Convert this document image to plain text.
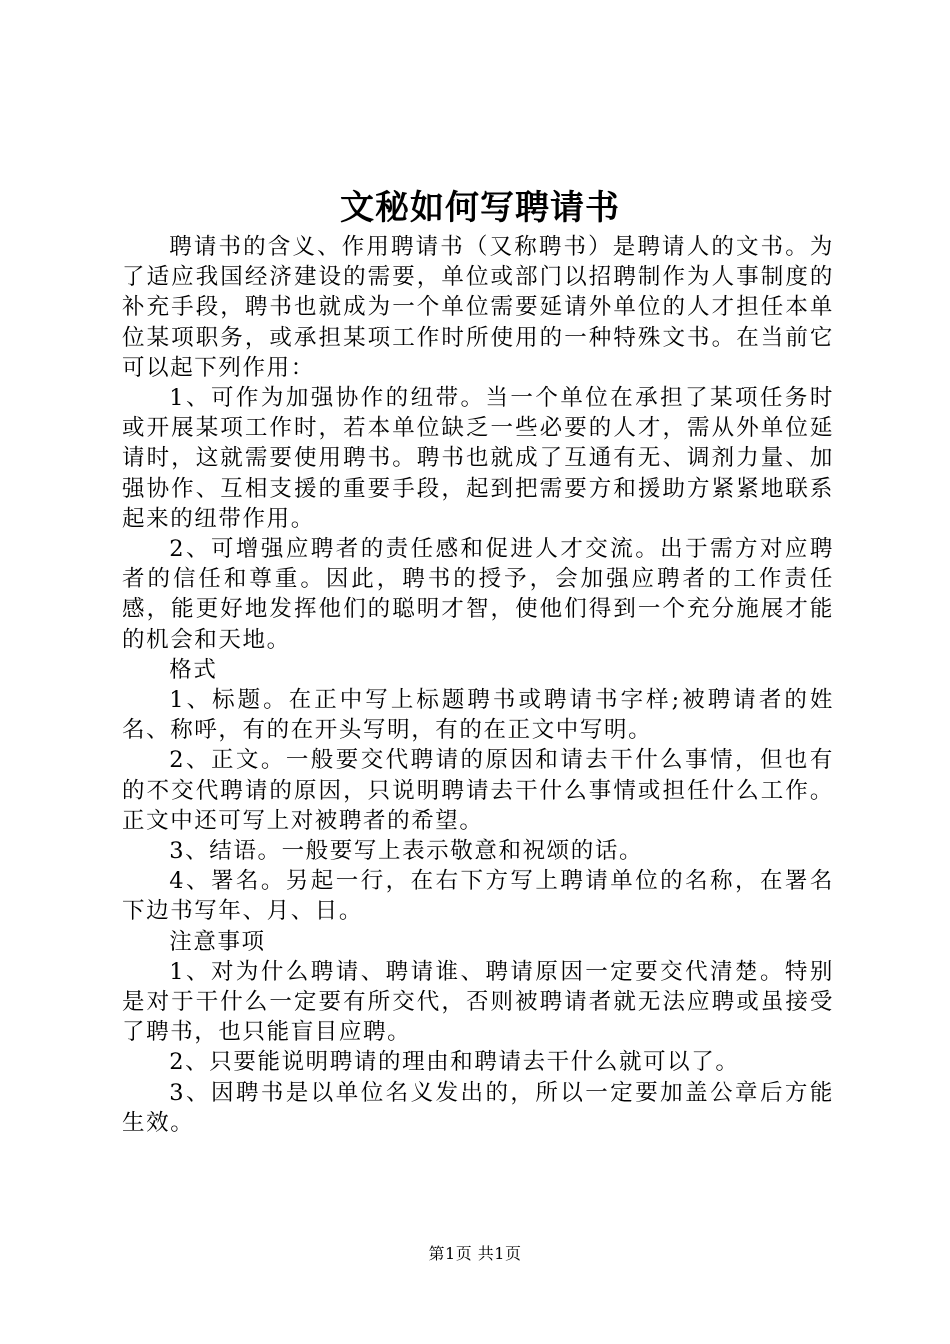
文秘如何写聘请书

聘请书的含义、作用聘请书（又称聘书）是聘请人的文书。为了适应我国经济建设的需要，单位或部门以招聘制作为人事制度的补充手段，聘书也就成为一个单位需要延请外单位的人才担任本单位某项职务，或承担某项工作时所使用的一种特殊文书。在当前它可以起下列作用：

1、可作为加强协作的纽带。当一个单位在承担了某项任务时或开展某项工作时，若本单位缺乏一些必要的人才，需从外单位延请时，这就需要使用聘书。聘书也就成了互通有无、调剂力量、加强协作、互相支援的重要手段，起到把需要方和援助方紧紧地联系起来的纽带作用。

2、可增强应聘者的责任感和促进人才交流。出于需方对应聘者的信任和尊重。因此，聘书的授予，会加强应聘者的工作责任感，能更好地发挥他们的聪明才智，使他们得到一个充分施展才能的机会和天地。

格式

1、标题。在正中写上标题聘书或聘请书字样;被聘请者的姓名、称呼，有的在开头写明，有的在正文中写明。

2、正文。一般要交代聘请的原因和请去干什么事情，但也有的不交代聘请的原因，只说明聘请去干什么事情或担任什么工作。正文中还可写上对被聘者的希望。

3、结语。一般要写上表示敬意和祝颂的话。

4、署名。另起一行，在右下方写上聘请单位的名称，在署名下边书写年、月、日。

注意事项

1、对为什么聘请、聘请谁、聘请原因一定要交代清楚。特别是对于干什么一定要有所交代，否则被聘请者就无法应聘或虽接受了聘书，也只能盲目应聘。

2、只要能说明聘请的理由和聘请去干什么就可以了。

3、因聘书是以单位名义发出的，所以一定要加盖公章后方能生效。

第1页 共1页
